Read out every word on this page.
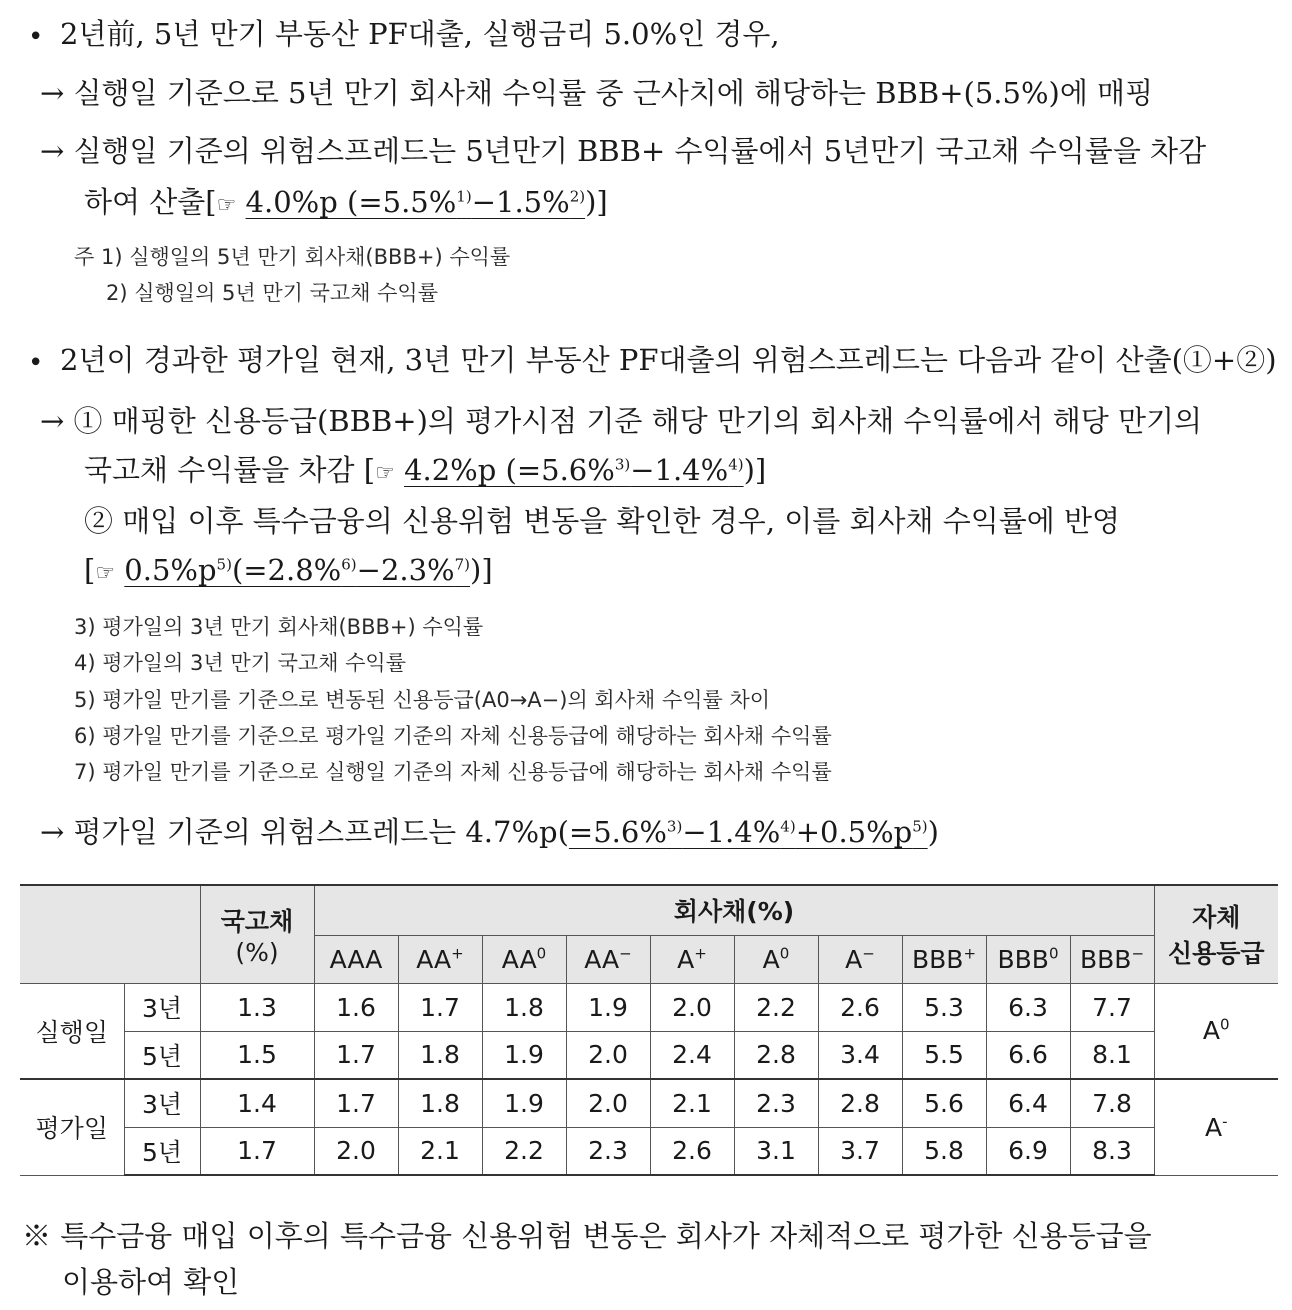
• 2년前, 5년 만기 부동산 PF대출, 실행금리 5.0%인 경우,
→ 실행일 기준으로 5년 만기 회사채 수익률 중 근사치에 해당하는 BBB+(5.5%)에 매핑
→ 실행일 기준의 위험스프레드는 5년만기 BBB+ 수익률에서 5년만기 국고채 수익률을 차감
하여 산출[☞ 4.0%p (=5.5%$^{1)}$−1.5%$^{2)}$)]
주 1) 실행일의 5년 만기 회사채(BBB+) 수익률
2) 실행일의 5년 만기 국고채 수익률
• 2년이 경과한 평가일 현재, 3년 만기 부동산 PF대출의 위험스프레드는 다음과 같이 산출(①+②)
→ ① 매핑한 신용등급(BBB+)의 평가시점 기준 해당 만기의 회사채 수익률에서 해당 만기의
국고채 수익률을 차감 [☞ 4.2%p (=5.6%$^{3)}$−1.4%$^{4)}$)]
② 매입 이후 특수금융의 신용위험 변동을 확인한 경우, 이를 회사채 수익률에 반영
[☞ $0.5\%p^{5)}(=2.8\%^{6)}-2.3\%^{7)})$]
3) 평가일의 3년 만기 회사채(BBB+) 수익률
4) 평가일의 3년 만기 국고채 수익률
5) 평가일 만기를 기준으로 변동된 신용등급(A0→A−)의 회사채 수익률 차이
6) 평가일 만기를 기준으로 평가일 기준의 자체 신용등급에 해당하는 회사채 수익률
7) 평가일 만기를 기준으로 실행일 기준의 자체 신용등급에 해당하는 회사채 수익률
→ 평가일 기준의 위험스프레드는 $4.7\%p(=5.6\%^{3)}-1.4\%^{4)}+0.5\%p^{5)})$
		국고채
(%)	회사채(%)										자체
신용등급
			AAA	AA+	$AA^0$	AA−	A+	$A^0$	A−	BBB+	BBB$^0$	BBB−
실행일	3년	1.3	1.6	1.7	1.8	1.9	2.0	2.2	2.6	5.3	6.3	7.7	$A^0$
	5년	1.5	1.7	1.8	1.9	2.0	2.4	2.8	3.4	5.5	6.6	8.1	
평가일	3년	1.4	1.7	1.8	1.9	2.0	2.1	2.3	2.8	5.6	6.4	7.8	A-
	5년	1.7	2.0	2.1	2.2	2.3	2.6	3.1	3.7	5.8	6.9	8.3	
※ 특수금융 매입 이후의 특수금융 신용위험 변동은 회사가 자체적으로 평가한 신용등급을
이용하여 확인
